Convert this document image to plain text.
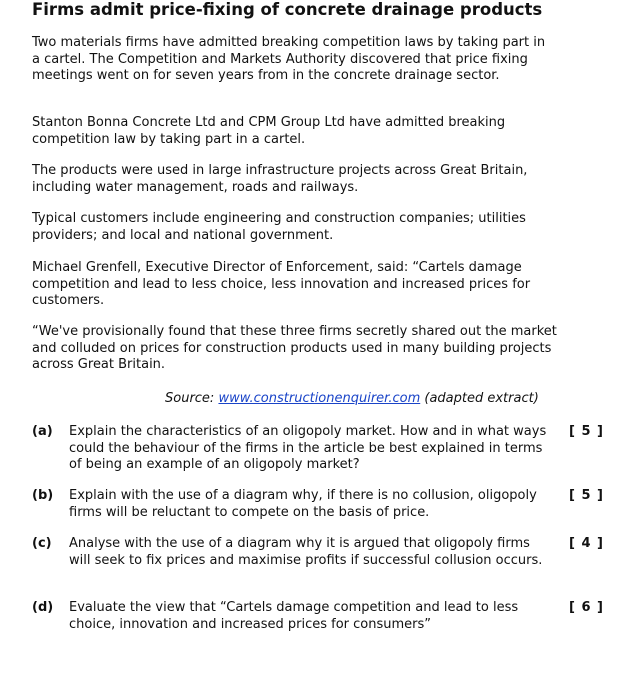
Firms admit price-fixing of concrete drainage products

Two materials firms have admitted breaking competition laws by taking part in a cartel. The Competition and Markets Authority discovered that price fixing meetings went on for seven years from in the concrete drainage sector.

Stanton Bonna Concrete Ltd and CPM Group Ltd have admitted breaking competition law by taking part in a cartel.

The products were used in large infrastructure projects across Great Britain, including water management, roads and railways.

Typical customers include engineering and construction companies; utilities providers; and local and national government.

Michael Grenfell, Executive Director of Enforcement, said: “Cartels damage competition and lead to less choice, less innovation and increased prices for customers.

“We've provisionally found that these three firms secretly shared out the market and colluded on prices for construction products used in many building projects across Great Britain.

Source: www.constructionenquirer.com (adapted extract)
(a) Explain the characteristics of an oligopoly market. How and in what ways could the behaviour of the firms in the article be best explained in terms of being an example of an oligopoly market?
[ 5 ]
(b) Explain with the use of a diagram why, if there is no collusion, oligopoly firms will be reluctant to compete on the basis of price.
[ 5 ]
(c) Analyse with the use of a diagram why it is argued that oligopoly firms will seek to fix prices and maximise profits if successful collusion occurs.
[ 4 ]
(d) Evaluate the view that “Cartels damage competition and lead to less choice, innovation and increased prices for consumers”
[ 6 ]
